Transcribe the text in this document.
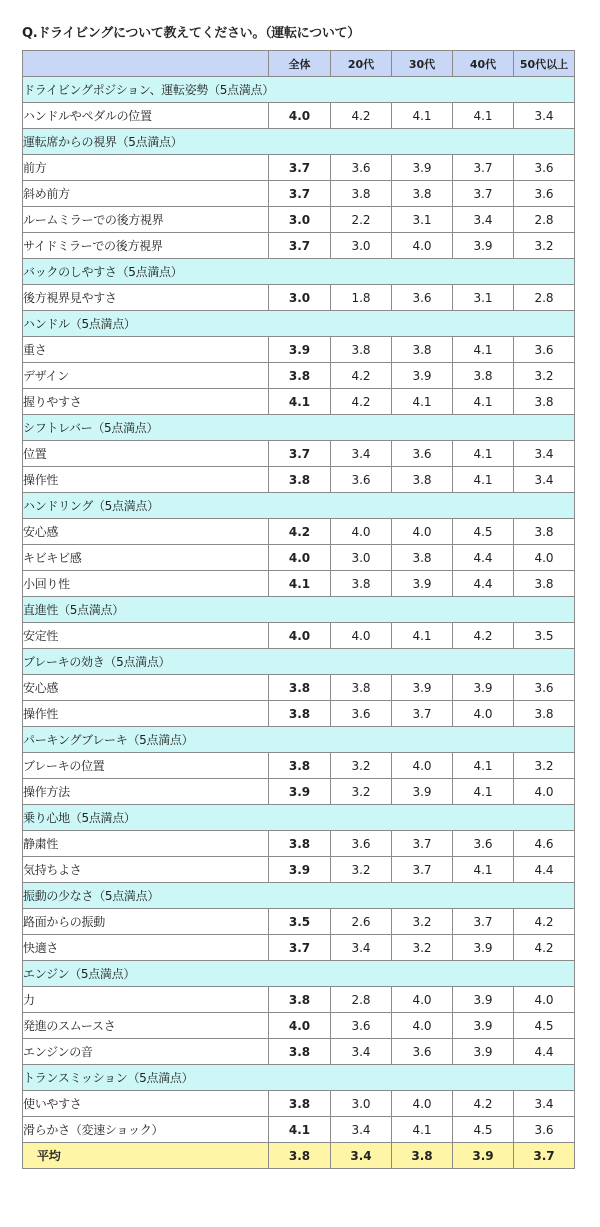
Q.ドライビングについて教えてください。（運転について）
	全体	20代	30代	40代	50代以上
ドライビングポジション、運転姿勢（5点満点）					
ハンドルやペダルの位置	4.0	4.2	4.1	4.1	3.4
運転席からの視界（5点満点）					
前方	3.7	3.6	3.9	3.7	3.6
斜め前方	3.7	3.8	3.8	3.7	3.6
ルームミラーでの後方視界	3.0	2.2	3.1	3.4	2.8
サイドミラーでの後方視界	3.7	3.0	4.0	3.9	3.2
バックのしやすさ（5点満点）					
後方視界見やすさ	3.0	1.8	3.6	3.1	2.8
ハンドル（5点満点）					
重さ	3.9	3.8	3.8	4.1	3.6
デザイン	3.8	4.2	3.9	3.8	3.2
握りやすさ	4.1	4.2	4.1	4.1	3.8
シフトレバー（5点満点）					
位置	3.7	3.4	3.6	4.1	3.4
操作性	3.8	3.6	3.8	4.1	3.4
ハンドリング（5点満点）					
安心感	4.2	4.0	4.0	4.5	3.8
キビキビ感	4.0	3.0	3.8	4.4	4.0
小回り性	4.1	3.8	3.9	4.4	3.8
直進性（5点満点）					
安定性	4.0	4.0	4.1	4.2	3.5
ブレーキの効き（5点満点）					
安心感	3.8	3.8	3.9	3.9	3.6
操作性	3.8	3.6	3.7	4.0	3.8
パーキングブレーキ（5点満点）					
ブレーキの位置	3.8	3.2	4.0	4.1	3.2
操作方法	3.9	3.2	3.9	4.1	4.0
乗り心地（5点満点）					
静粛性	3.8	3.6	3.7	3.6	4.6
気持ちよさ	3.9	3.2	3.7	4.1	4.4
振動の少なさ（5点満点）					
路面からの振動	3.5	2.6	3.2	3.7	4.2
快適さ	3.7	3.4	3.2	3.9	4.2
エンジン（5点満点）					
力	3.8	2.8	4.0	3.9	4.0
発進のスムースさ	4.0	3.6	4.0	3.9	4.5
エンジンの音	3.8	3.4	3.6	3.9	4.4
トランスミッション（5点満点）					
使いやすさ	3.8	3.0	4.0	4.2	3.4
滑らかさ（変速ショック）	4.1	3.4	4.1	4.5	3.6
平均	3.8	3.4	3.8	3.9	3.7
